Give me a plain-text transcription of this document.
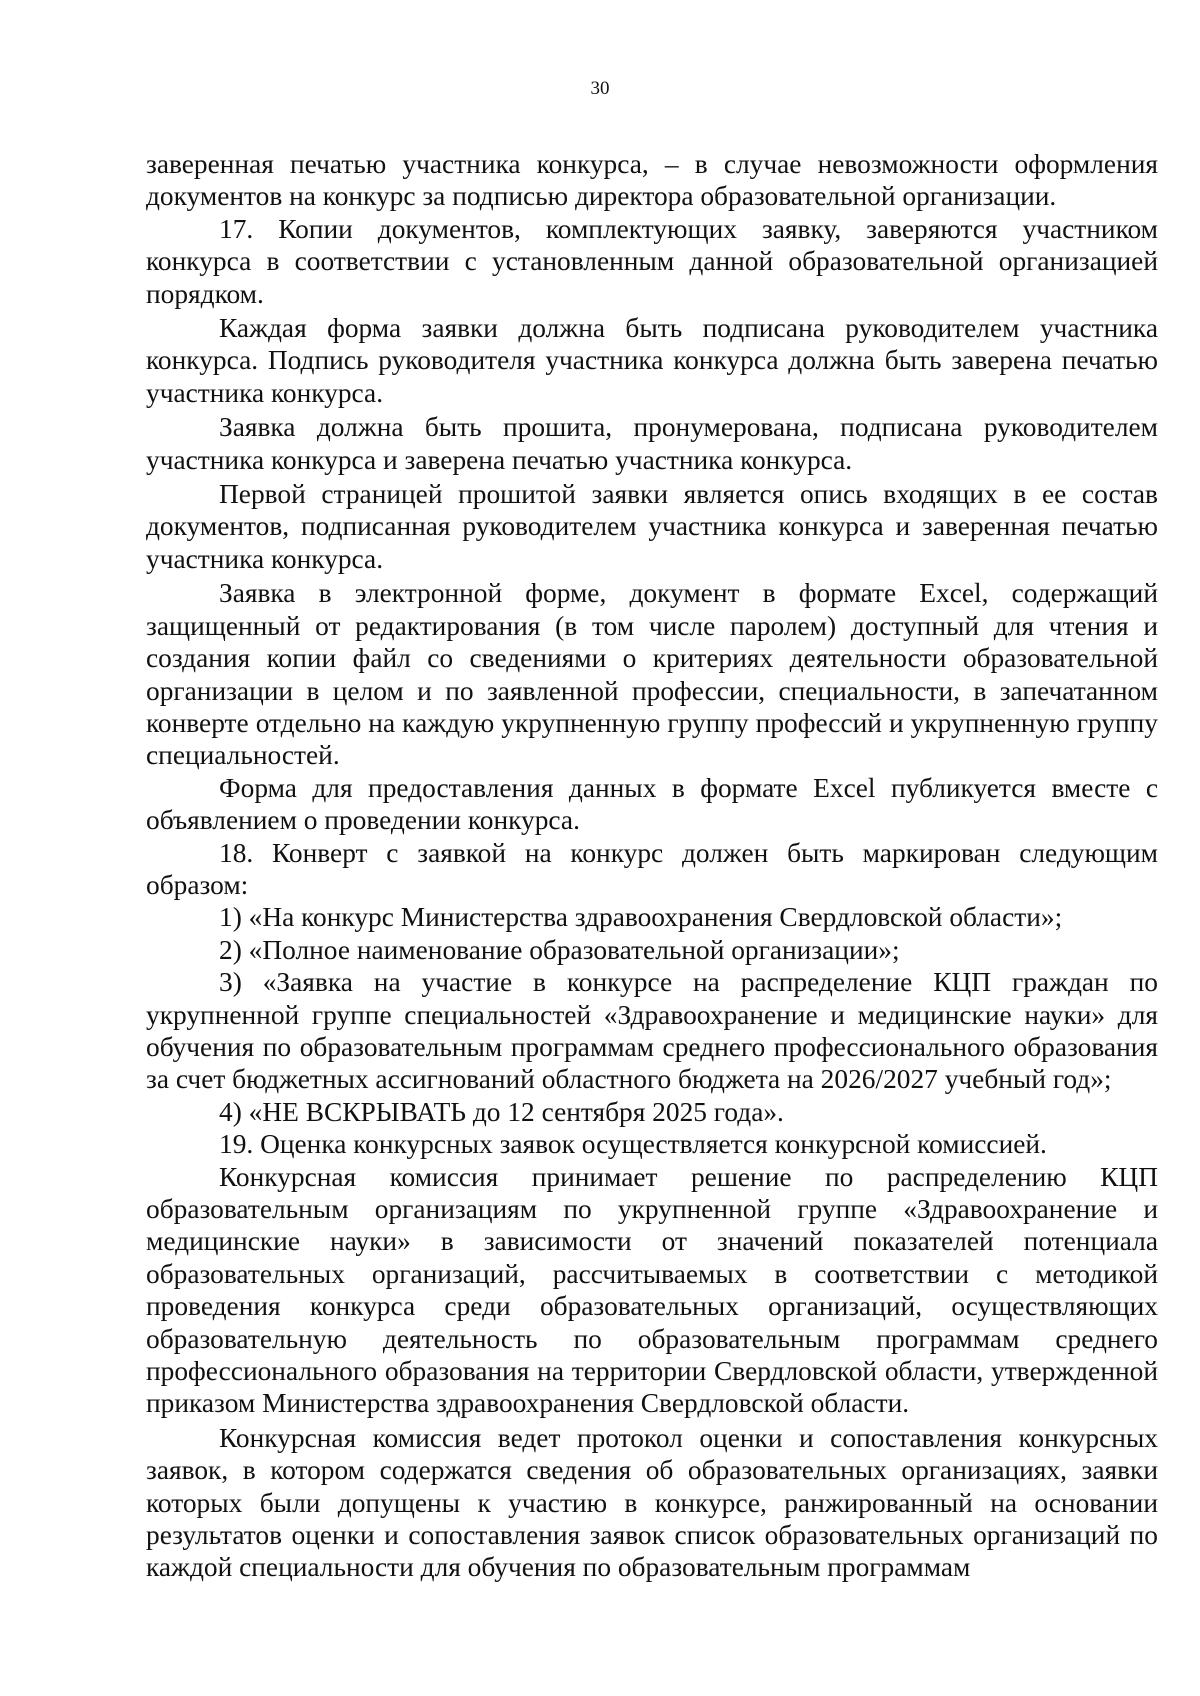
30

заверенная печатью участника конкурса, – в случае невозможности оформления документов на конкурс за подписью директора образовательной организации.

17. Копии документов, комплектующих заявку, заверяются участником конкурса в соответствии с установленным данной образовательной организацией порядком.

Каждая форма заявки должна быть подписана руководителем участника конкурса. Подпись руководителя участника конкурса должна быть заверена печатью участника конкурса.

Заявка должна быть прошита, пронумерована, подписана руководителем участника конкурса и заверена печатью участника конкурса.

Первой страницей прошитой заявки является опись входящих в ее состав документов, подписанная руководителем участника конкурса и заверенная печатью участника конкурса.

Заявка в электронной форме, документ в формате Excel, содержащий защищенный от редактирования (в том числе паролем) доступный для чтения и создания копии файл со сведениями о критериях деятельности образовательной организации в целом и по заявленной профессии, специальности, в запечатанном конверте отдельно на каждую укрупненную группу профессий и укрупненную группу специальностей.

Форма для предоставления данных в формате Excel публикуется вместе с объявлением о проведении конкурса.

18. Конверт с заявкой на конкурс должен быть маркирован следующим образом:

1) «На конкурс Министерства здравоохранения Свердловской области»;

2) «Полное наименование образовательной организации»;

3) «Заявка на участие в конкурсе на распределение КЦП граждан по укрупненной группе специальностей «Здравоохранение и медицинские науки» для обучения по образовательным программам среднего профессионального образования за счет бюджетных ассигнований областного бюджета на 2026/2027 учебный год»;

4) «НЕ ВСКРЫВАТЬ до 12 сентября 2025 года».

19. Оценка конкурсных заявок осуществляется конкурсной комиссией.

Конкурсная комиссия принимает решение по распределению КЦП образовательным организациям по укрупненной группе «Здравоохранение и медицинские науки» в зависимости от значений показателей потенциала образовательных организаций, рассчитываемых в соответствии с методикой проведения конкурса среди образовательных организаций, осуществляющих образовательную деятельность по образовательным программам среднего профессионального образования на территории Свердловской области, утвержденной приказом Министерства здравоохранения Свердловской области.

Конкурсная комиссия ведет протокол оценки и сопоставления конкурсных заявок, в котором содержатся сведения об образовательных организациях, заявки которых были допущены к участию в конкурсе, ранжированный на основании результатов оценки и сопоставления заявок список образовательных организаций по каждой специальности для обучения по образовательным программам
